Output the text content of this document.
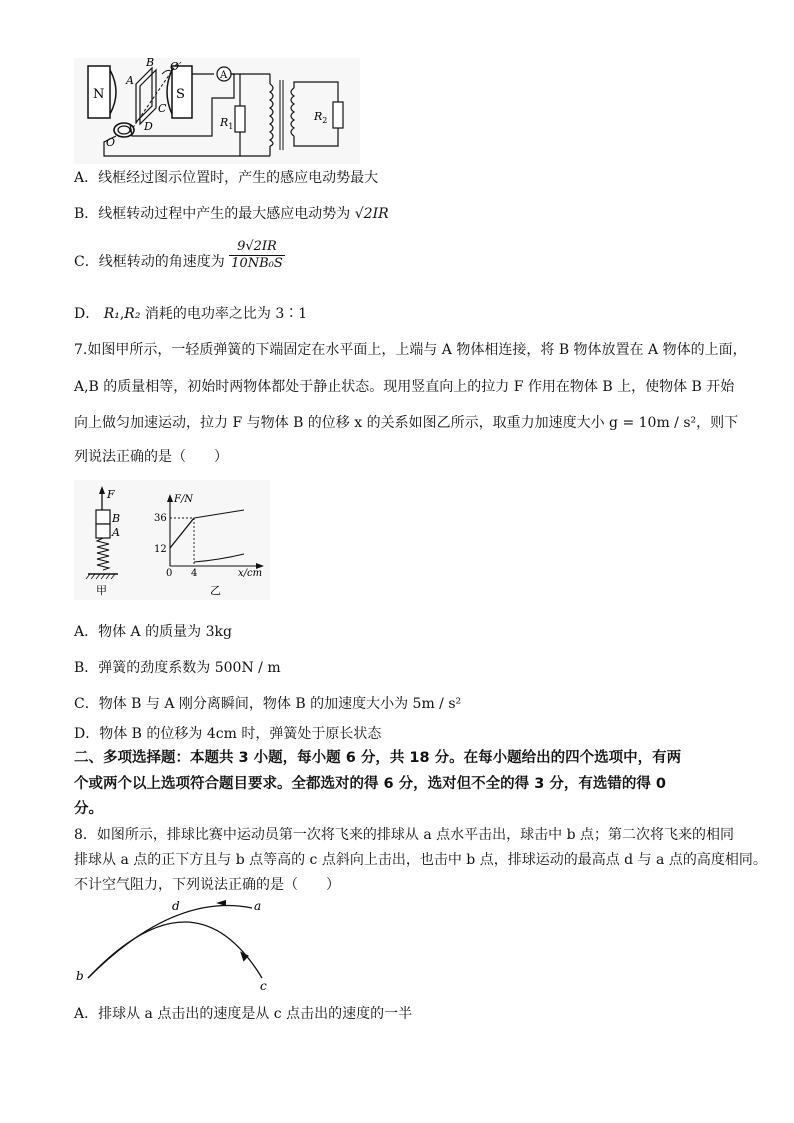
N	S
A
B
C
D
O
O′
A
$R_1$
$R_2$
A．线框经过图示位置时，产生的感应电动势最大
B．线框转动过程中产生的最大感应电动势为 √2IR
C．线框转动的角速度为 $\frac{9√2IR}{\text{10NB₀S}}$
D． R₁,R₂ 消耗的电功率之比为 3∶1
7.如图甲所示，一轻质弹簧的下端固定在水平面上，上端与 A 物体相连接，将 B 物体放置在 A 物体的上面，
A,B 的质量相等，初始时两物体都处于静止状态。现用竖直向上的拉力 F 作用在物体 B 上，使物体 B 开始
向上做匀加速运动，拉力 F 与物体 B 的位移 x 的关系如图乙所示，取重力加速度大小 g = 10m / s²，则下
列说法正确的是（　　）
F
B
A
甲
F/N
x/cm
36
12
0 4
乙
A．物体 A 的质量为 3kg
B．弹簧的劲度系数为 500N / m
C．物体 B 与 A 刚分离瞬间，物体 B 的加速度大小为 5m / s²
D．物体 B 的位移为 4cm 时，弹簧处于原长状态
二、多项选择题：本题共 3 小题，每小题 6 分，共 18 分。在每小题给出的四个选项中，有两
个或两个以上选项符合题目要求。全都选对的得 6 分，选对但不全的得 3 分，有选错的得 0
分。
8．如图所示，排球比赛中运动员第一次将飞来的排球从 a 点水平击出，球击中 b 点；第二次将飞来的相同
排球从 a 点的正下方且与 b 点等高的 c 点斜向上击出，也击中 b 点，排球运动的最高点 d 与 a 点的高度相同。
不计空气阻力，下列说法正确的是（　　）
a
b
c
d
A．排球从 a 点击出的速度是从 c 点击出的速度的一半
